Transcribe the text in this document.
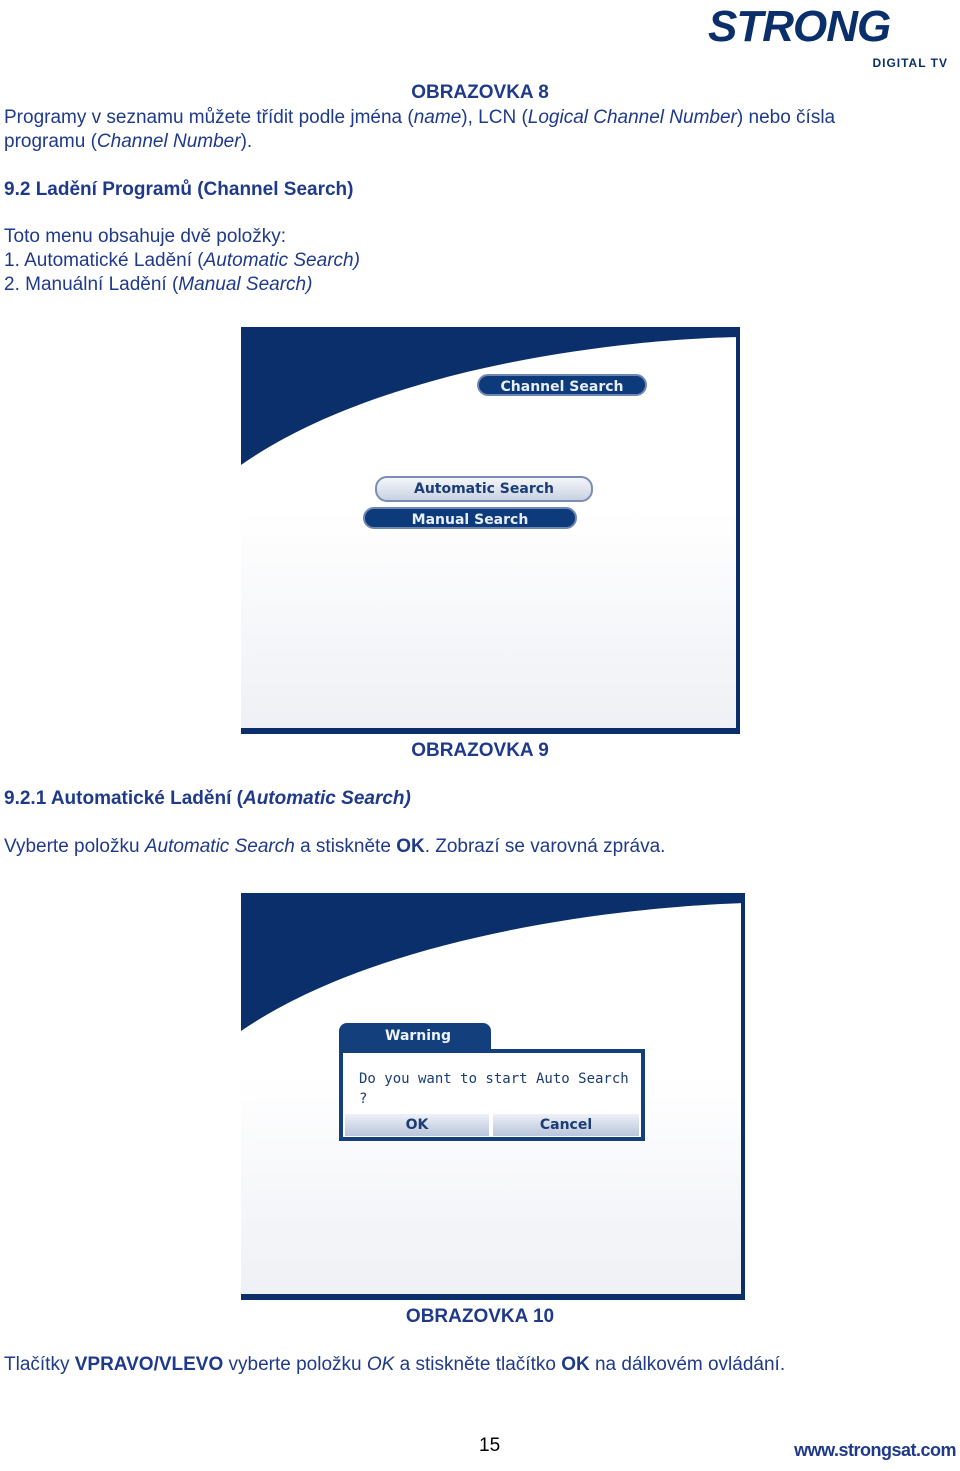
STRONG
DIGITAL TV
OBRAZOVKA 8
Programy v seznamu můžete třídit podle jména (name), LCN (Logical Channel Number) nebo čísla
programu (Channel Number).
9.2 Ladění Programů (Channel Search)
Toto menu obsahuje dvě položky:
1. Automatické Ladění (Automatic Search)
2. Manuální Ladění (Manual Search)
Channel Search
Automatic Search
Manual Search
OBRAZOVKA 9
9.2.1 Automatické Ladění (Automatic Search)
Vyberte položku Automatic Search a stiskněte OK. Zobrazí se varovná zpráva.
Warning
Do you want to start Auto Search ?
OK	Cancel
OBRAZOVKA 10
Tlačítky VPRAVO/VLEVO vyberte položku OK a stiskněte tlačítko OK na dálkovém ovládání.
15	www.strongsat.com
